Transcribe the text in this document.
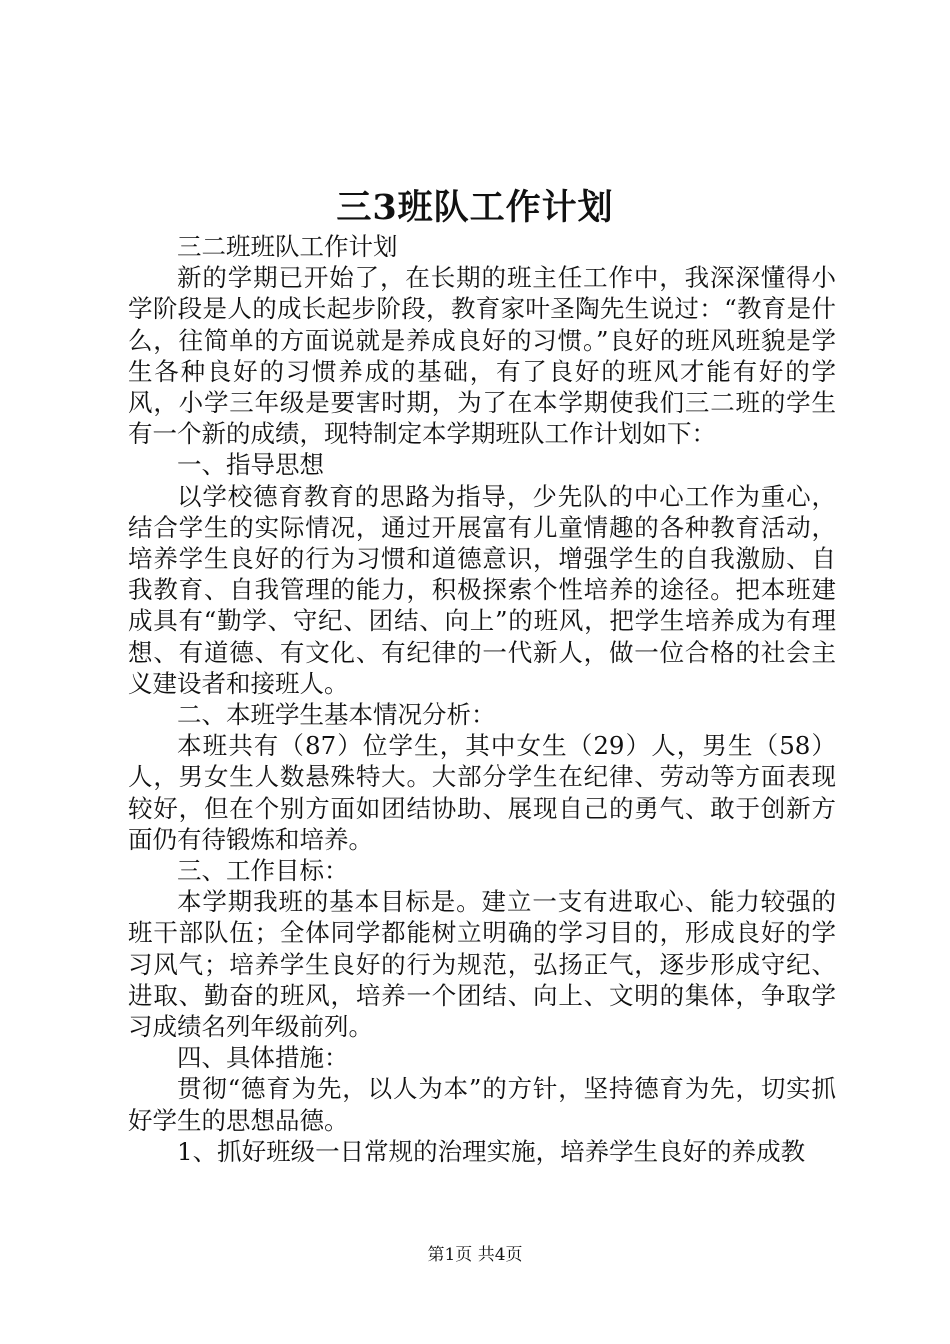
三3班队工作计划

三二班班队工作计划

新的学期已开始了，在长期的班主任工作中，我深深懂得小学阶段是人的成长起步阶段，教育家叶圣陶先生说过：“教育是什么，往简单的方面说就是养成良好的习惯。”良好的班风班貌是学生各种良好的习惯养成的基础，有了良好的班风才能有好的学风，小学三年级是要害时期，为了在本学期使我们三二班的学生有一个新的成绩，现特制定本学期班队工作计划如下：

一、指导思想

以学校德育教育的思路为指导，少先队的中心工作为重心，结合学生的实际情况，通过开展富有儿童情趣的各种教育活动，培养学生良好的行为习惯和道德意识，增强学生的自我激励、自我教育、自我管理的能力，积极探索个性培养的途径。把本班建成具有“勤学、守纪、团结、向上”的班风，把学生培养成为有理想、有道德、有文化、有纪律的一代新人，做一位合格的社会主义建设者和接班人。

二、本班学生基本情况分析：

本班共有（87）位学生，其中女生（29）人，男生（58）人，男女生人数悬殊特大。大部分学生在纪律、劳动等方面表现较好，但在个别方面如团结协助、展现自己的勇气、敢于创新方面仍有待锻炼和培养。

三、工作目标：

本学期我班的基本目标是。建立一支有进取心、能力较强的班干部队伍；全体同学都能树立明确的学习目的，形成良好的学习风气；培养学生良好的行为规范，弘扬正气，逐步形成守纪、进取、勤奋的班风，培养一个团结、向上、文明的集体，争取学习成绩名列年级前列。

四、具体措施：

贯彻“德育为先，以人为本”的方针，坚持德育为先，切实抓好学生的思想品德。

1、抓好班级一日常规的治理实施，培养学生良好的养成教

第1页 共4页
